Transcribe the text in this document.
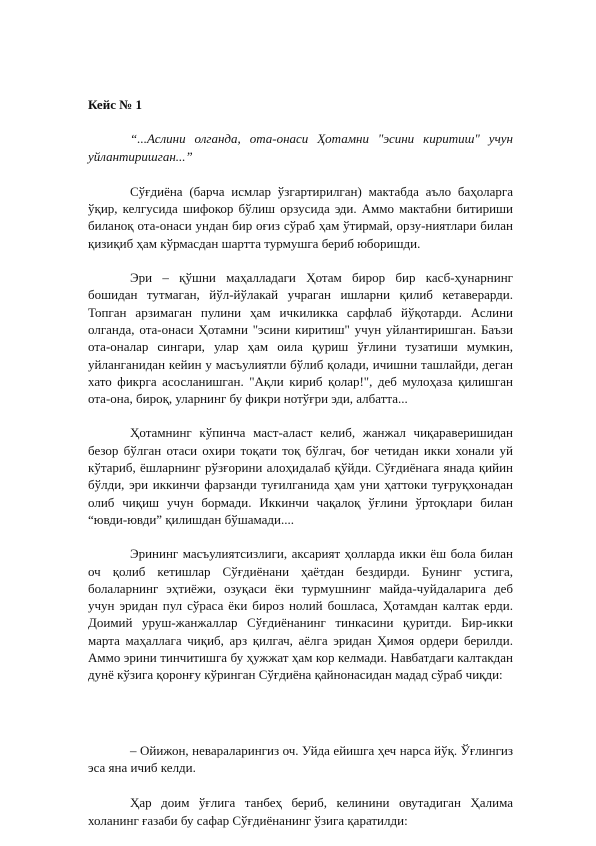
Кейс № 1
“...Аслини олганда, ота-онаси Ҳотамни "эсини киритиш" учун уйлантиришган...”

Сўғдиёна (барча исмлар ўзгартирилган) мактабда аъло баҳоларга ўқир, келгусида шифокор бўлиш орзусида эди. Аммо мактабни битириши биланоқ ота-онаси ундан бир оғиз сўраб ҳам ўтирмай, орзу-ниятлари билан қизиқиб ҳам кўрмасдан шартта турмушга бериб юборишди.

Эри – қўшни маҳалладаги Ҳотам бирор бир касб-ҳунарнинг бошидан тутмаган, йўл-йўлакай учраган ишларни қилиб кетаверарди. Топган арзимаган пулини ҳам ичкиликка сарфлаб йўқотарди. Аслини олганда, ота-онаси Ҳотамни "эсини киритиш" учун уйлантиришган. Баъзи ота-оналар сингари, улар ҳам оила қуриш ўғлини тузатиши мумкин, уйланганидан кейин у масъулиятли бўлиб қолади, ичишни ташлайди, деган хато фикрга асосланишган. "Ақли кириб қолар!", деб мулоҳаза қилишган ота-она, бироқ, уларнинг бу фикри нотўғри эди, албатта...

Ҳотамнинг кўпинча маст-аласт келиб, жанжал чиқараверишидан безор бўлган отаси охири тоқати тоқ бўлгач, боғ четидан икки хонали уй кўтариб, ёшларнинг рўзғорини алоҳидалаб қўйди. Сўғдиёнага янада қийин бўлди, эри иккинчи фарзанди туғилганида ҳам уни ҳаттоки туғруқхонадан олиб чиқиш учун бормади. Иккинчи чақалоқ ўғлини ўртоқлари билан “ювди-ювди” қилишдан бўшамади....

Эрининг масъулиятсизлиги, аксарият ҳолларда икки ёш бола билан оч қолиб кетишлар Сўғдиёнани ҳаётдан бездирди. Бунинг устига, болаларнинг эҳтиёжи, озуқаси ёки турмушнинг майда-чуйдаларига деб учун эридан пул сўраса ёки бироз нолий бошласа, Ҳотамдан калтак ерди. Доимий уруш-жанжаллар Сўғдиёнанинг тинкасини қуритди. Бир-икки марта маҳаллага чиқиб, арз қилгач, аёлга эридан Ҳимоя ордери берилди. Аммо эрини тинчитишга бу ҳужжат ҳам кор келмади. Навбатдаги калтакдан дунё кўзига қоронғу кўринган Сўғдиёна қайнонасидан мадад сўраб чиқди:

– Ойижон, невараларингиз оч. Уйда ейишга ҳеч нарса йўқ. Ўғлингиз эса яна ичиб келди.

Ҳар доим ўғлига танбеҳ бериб, келинини овутадиган Ҳалима холанинг ғазаби бу сафар Сўғдиёнанинг ўзига қаратилди:
